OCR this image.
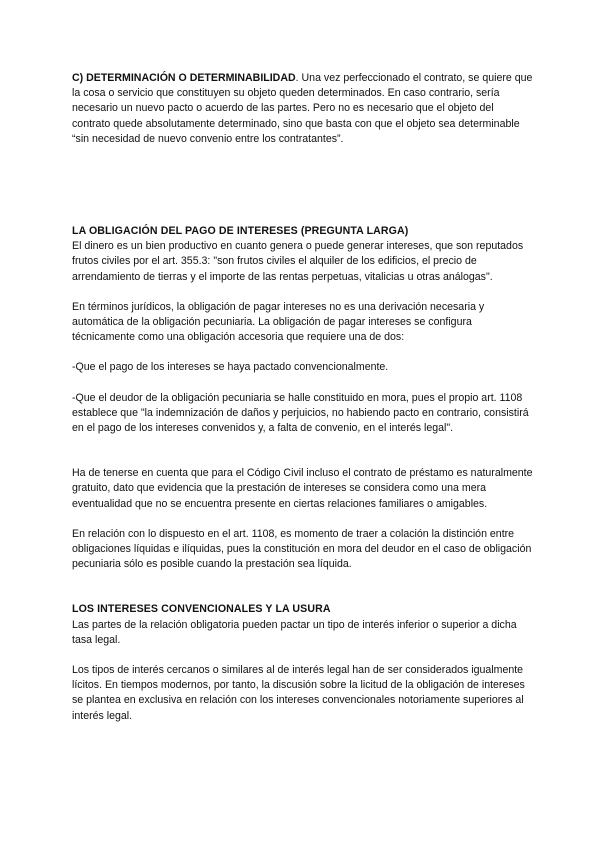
C) DETERMINACIÓN O DETERMINABILIDAD. Una vez perfeccionado el contrato, se quiere que la cosa o servicio que constituyen su objeto queden determinados. En caso contrario, sería necesario un nuevo pacto o acuerdo de las partes. Pero no es necesario que el objeto del contrato quede absolutamente determinado, sino que basta con que el objeto sea determinable “sin necesidad de nuevo convenio entre los contratantes”.

LA OBLIGACIÓN DEL PAGO DE INTERESES (PREGUNTA LARGA)

El dinero es un bien productivo en cuanto genera o puede generar intereses, que son reputados frutos civiles por el art. 355.3: "son frutos civiles el alquiler de los edificios, el precio de arrendamiento de tierras y el importe de las rentas perpetuas, vitalicias u otras análogas".

En términos jurídicos, la obligación de pagar intereses no es una derivación necesaria y automática de la obligación pecuniaria. La obligación de pagar intereses se configura técnicamente como una obligación accesoria que requiere una de dos:

-Que el pago de los intereses se haya pactado convencionalmente.

-Que el deudor de la obligación pecuniaria se halle constituido en mora, pues el propio art. 1108 establece que "la indemnización de daños y perjuicios, no habiendo pacto en contrario, consistirá en el pago de los intereses convenidos y, a falta de convenio, en el interés legal".

Ha de tenerse en cuenta que para el Código Civil incluso el contrato de préstamo es naturalmente gratuito, dato que evidencia que la prestación de intereses se considera como una mera eventualidad que no se encuentra presente en ciertas relaciones familiares o amigables.

En relación con lo dispuesto en el art. 1108, es momento de traer a colación la distinción entre obligaciones líquidas e ilíquidas, pues la constitución en mora del deudor en el caso de obligación pecuniaria sólo es posible cuando la prestación sea líquida.

LOS INTERESES CONVENCIONALES Y LA USURA

Las partes de la relación obligatoria pueden pactar un tipo de interés inferior o superior a dicha tasa legal.

Los tipos de interés cercanos o similares al de interés legal han de ser considerados igualmente lícitos. En tiempos modernos, por tanto, la discusión sobre la licitud de la obligación de intereses se plantea en exclusiva en relación con los intereses convencionales notoriamente superiores al interés legal.
